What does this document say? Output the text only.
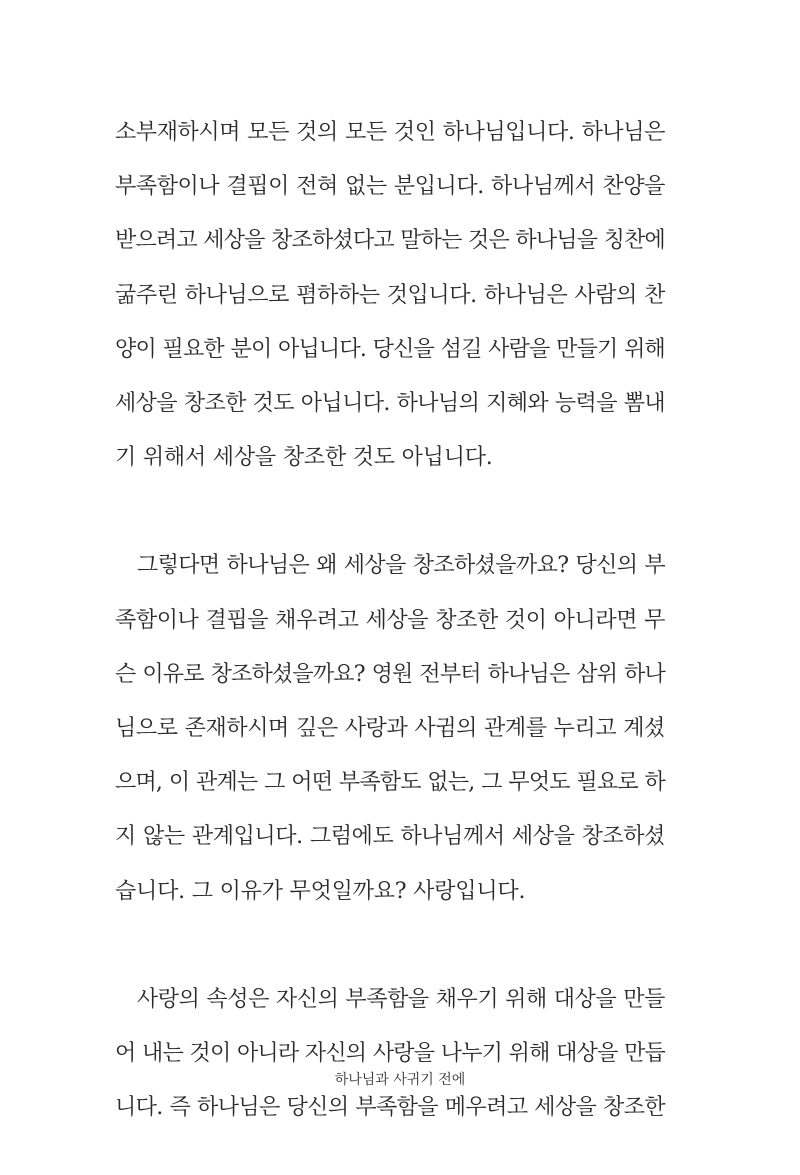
소부재하시며 모든 것의 모든 것인 하나님입니다. 하나님은
부족함이나 결핍이 전혀 없는 분입니다. 하나님께서 찬양을
받으려고 세상을 창조하셨다고 말하는 것은 하나님을 칭찬에
굶주린 하나님으로 폄하하는 것입니다. 하나님은 사람의 찬
양이 필요한 분이 아닙니다. 당신을 섬길 사람을 만들기 위해
세상을 창조한 것도 아닙니다. 하나님의 지혜와 능력을 뽐내
기 위해서 세상을 창조한 것도 아닙니다.

　그렇다면 하나님은 왜 세상을 창조하셨을까요? 당신의 부
족함이나 결핍을 채우려고 세상을 창조한 것이 아니라면 무
슨 이유로 창조하셨을까요? 영원 전부터 하나님은 삼위 하나
님으로 존재하시며 깊은 사랑과 사귐의 관계를 누리고 계셨
으며, 이 관계는 그 어떤 부족함도 없는, 그 무엇도 필요로 하
지 않는 관계입니다. 그럼에도 하나님께서 세상을 창조하셨
습니다. 그 이유가 무엇일까요? 사랑입니다.

　사랑의 속성은 자신의 부족함을 채우기 위해 대상을 만들
어 내는 것이 아니라 자신의 사랑을 나누기 위해 대상을 만듭
니다. 즉 하나님은 당신의 부족함을 메우려고 세상을 창조한

하나님과 사귀기 전에
